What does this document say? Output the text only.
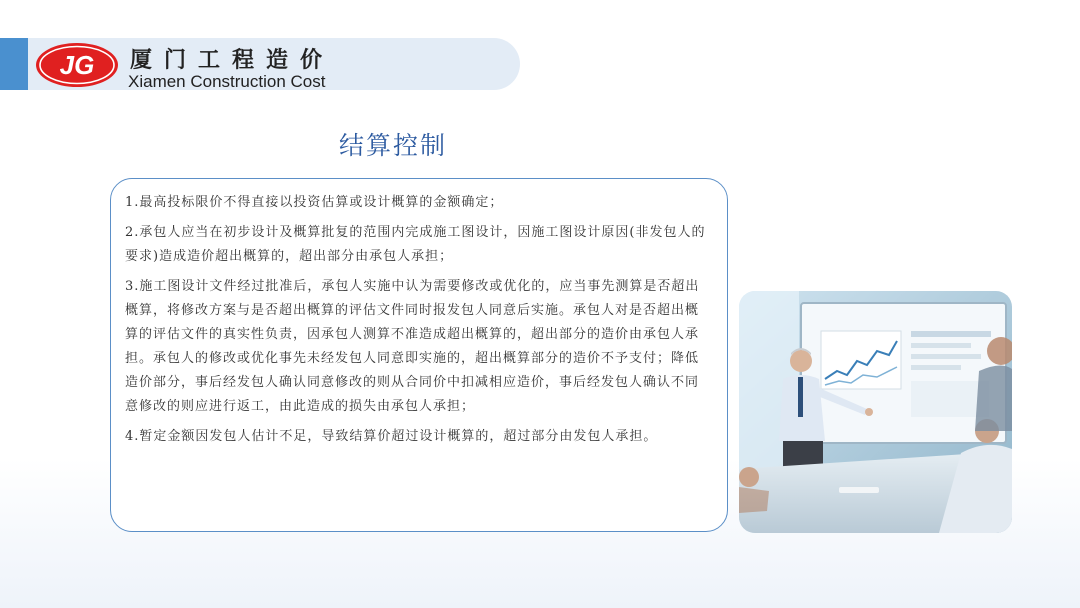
JG 厦门工程造价
Xiamen Construction Cost
结算控制

1.最高投标限价不得直接以投资估算或设计概算的金额确定；

2.承包人应当在初步设计及概算批复的范围内完成施工图设计，因施工图设计原因(非发包人的要求)造成造价超出概算的，超出部分由承包人承担；

3.施工图设计文件经过批准后，承包人实施中认为需要修改或优化的，应当事先测算是否超出概算，将修改方案与是否超出概算的评估文件同时报发包人同意后实施。承包人对是否超出概算的评估文件的真实性负责，因承包人测算不准造成超出概算的，超出部分的造价由承包人承担。承包人的修改或优化事先未经发包人同意即实施的，超出概算部分的造价不予支付；降低造价部分，事后经发包人确认同意修改的则从合同价中扣减相应造价，事后经发包人确认不同意修改的则应进行返工，由此造成的损失由承包人承担；

4.暂定金额因发包人估计不足，导致结算价超过设计概算的，超过部分由发包人承担。
